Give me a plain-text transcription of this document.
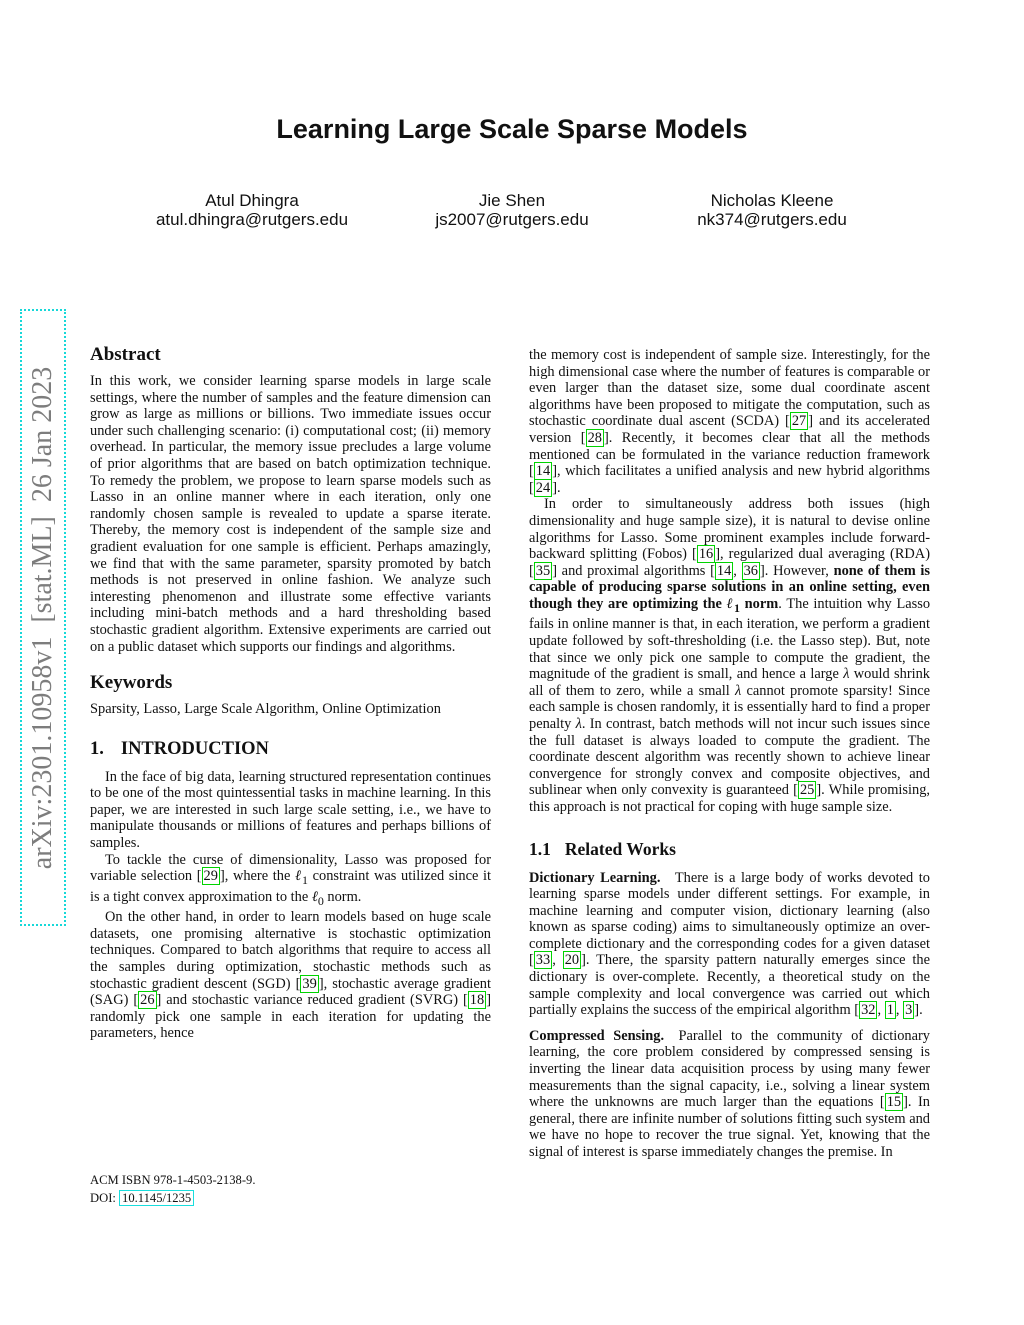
Learning Large Scale Sparse Models
Atul Dhingra
atul.dhingra@rutgers.edu
Jie Shen
js2007@rutgers.edu
Nicholas Kleene
nk374@rutgers.edu
arXiv:2301.10958v1  [stat.ML]  26 Jan 2023
Abstract
In this work, we consider learning sparse models in large scale settings, where the number of samples and the feature dimension can grow as large as millions or billions. Two immediate issues occur under such challenging scenario: (i) computational cost; (ii) memory overhead. In particular, the memory issue precludes a large volume of prior algorithms that are based on batch optimization technique. To remedy the problem, we propose to learn sparse models such as Lasso in an online manner where in each iteration, only one randomly chosen sample is revealed to update a sparse iterate. Thereby, the memory cost is independent of the sample size and gradient evaluation for one sample is efficient. Perhaps amazingly, we find that with the same parameter, sparsity promoted by batch methods is not preserved in online fashion. We analyze such interesting phenomenon and illustrate some effective variants including mini-batch methods and a hard thresholding based stochastic gradient algorithm. Extensive experiments are carried out on a public dataset which supports our findings and algorithms.
Keywords
Sparsity, Lasso, Large Scale Algorithm, Online Optimization
1. INTRODUCTION
In the face of big data, learning structured representation continues to be one of the most quintessential tasks in machine learning. In this paper, we are interested in such large scale setting, i.e., we have to manipulate thousands or millions of features and perhaps billions of samples.
To tackle the curse of dimensionality, Lasso was proposed for variable selection [ 29 ], where the ℓ$_1$ constraint was utilized since it is a tight convex approximation to the ℓ$_0$ norm.
On the other hand, in order to learn models based on huge scale datasets, one promising alternative is stochastic optimization techniques. Compared to batch algorithms that require to access all the samples during optimization, stochastic methods such as stochastic gradient descent (SGD) [ 39 ], stochastic average gradient (SAG) [ 26 ] and stochastic variance reduced gradient (SVRG) [ 18 ] randomly pick one sample in each iteration for updating the parameters, hence
the memory cost is independent of sample size. Interestingly, for the high dimensional case where the number of features is comparable or even larger than the dataset size, some dual coordinate ascent algorithms have been proposed to mitigate the computation, such as stochastic coordinate dual ascent (SCDA) [ 27 ] and its accelerated version [ 28 ]. Recently, it becomes clear that all the methods mentioned can be formulated in the variance reduction framework [ 14 ], which facilitates a unified analysis and new hybrid algorithms [ 24 ].
In order to simultaneously address both issues (high dimensionality and huge sample size), it is natural to devise online algorithms for Lasso. Some prominent examples include forward-backward splitting (Fobos) [ 16 ], regularized dual averaging (RDA) [ 35 ] and proximal algorithms [ 14 , 36 ]. However, none of them is capable of producing sparse solutions in an online setting, even though they are optimizing the ℓ$_1$ norm. The intuition why Lasso fails in online manner is that, in each iteration, we perform a gradient update followed by soft-thresholding (i.e. the Lasso step). But, note that since we only pick one sample to compute the gradient, the magnitude of the gradient is small, and hence a large λ would shrink all of them to zero, while a small λ cannot promote sparsity! Since each sample is chosen randomly, it is essentially hard to find a proper penalty λ. In contrast, batch methods will not incur such issues since the full dataset is always loaded to compute the gradient. The coordinate descent algorithm was recently shown to achieve linear convergence for strongly convex and composite objectives, and sublinear when only convexity is guaranteed [ 25 ]. While promising, this approach is not practical for coping with huge sample size.
1.1 Related Works
Dictionary Learning. There is a large body of works devoted to learning sparse models under different settings. For example, in machine learning and computer vision, dictionary learning (also known as sparse coding) aims to simultaneously optimize an over-complete dictionary and the corresponding codes for a given dataset [ 33 , 20 ]. There, the sparsity pattern naturally emerges since the dictionary is over-complete. Recently, a theoretical study on the sample complexity and local convergence was carried out which partially explains the success of the empirical algorithm [ 32 , 1 , 3 ].
Compressed Sensing. Parallel to the community of dictionary learning, the core problem considered by compressed sensing is inverting the linear data acquisition process by using many fewer measurements than the signal capacity, i.e., solving a linear system where the unknowns are much larger than the equations [ 15 ]. In general, there are infinite number of solutions fitting such system and we have no hope to recover the true signal. Yet, knowing that the signal of interest is sparse immediately changes the premise. In
ACM ISBN 978-1-4503-2138-9.
DOI: 10.1145/1235
